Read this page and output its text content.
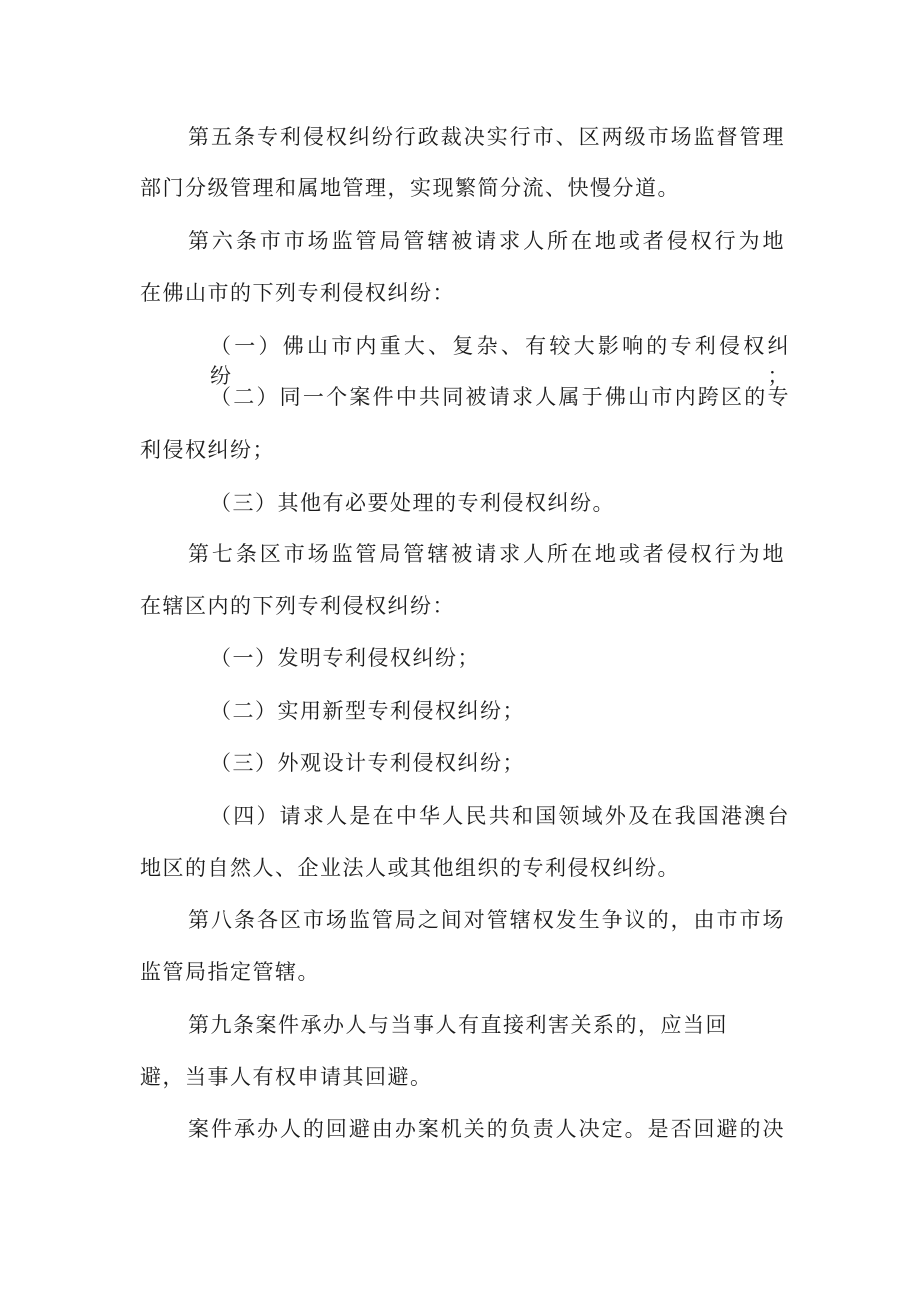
第五条专利侵权纠纷行政裁决实行市、区两级市场监督管理
部门分级管理和属地管理，实现繁简分流、快慢分道。
第六条市市场监管局管辖被请求人所在地或者侵权行为地
在佛山市的下列专利侵权纠纷：
（一）佛山市内重大、复杂、有较大影响的专利侵权纠纷；
（二）同一个案件中共同被请求人属于佛山市内跨区的专
利侵权纠纷；
（三）其他有必要处理的专利侵权纠纷。
第七条区市场监管局管辖被请求人所在地或者侵权行为地
在辖区内的下列专利侵权纠纷：
（一）发明专利侵权纠纷；
（二）实用新型专利侵权纠纷；
（三）外观设计专利侵权纠纷；
（四）请求人是在中华人民共和国领域外及在我国港澳台
地区的自然人、企业法人或其他组织的专利侵权纠纷。
第八条各区市场监管局之间对管辖权发生争议的，由市市场
监管局指定管辖。
第九条案件承办人与当事人有直接利害关系的，应当回
避，当事人有权申请其回避。
案件承办人的回避由办案机关的负责人决定。是否回避的决
